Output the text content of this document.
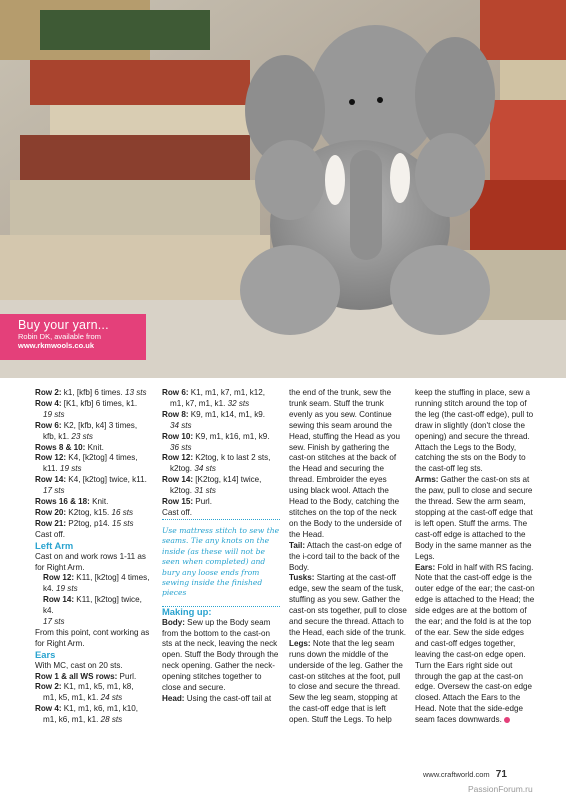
Buy your yarn...
Robin DK, available from
www.rkmwools.co.uk

Row 2: k1, [kfb] 6 times. 13 sts

Row 4: [K1, kfb] 6 times, k1.

19 sts

Row 6: K2, [kfb, k4] 3 times,

kfb, k1. 23 sts

Rows 8 & 10: Knit.

Row 12: K4, [k2tog] 4 times,

k11. 19 sts

Row 14: K4, [k2tog] twice, k11.

17 sts

Rows 16 & 18: Knit.

Row 20: K2tog, k15. 16 sts

Row 21: P2tog, p14. 15 sts

Cast off.

Left Arm

Cast on and work rows 1-11 as for Right Arm.

Row 12: K11, [k2tog] 4 times,

k4. 19 sts

Row 14: K11, [k2tog] twice, k4.

17 sts

From this point, cont working as for Right Arm.

Ears

With MC, cast on 20 sts.

Row 1 & all WS rows: Purl.

Row 2: K1, m1, k5, m1, k8,

m1, k5, m1, k1. 24 sts

Row 4: K1, m1, k6, m1, k10,

m1, k6, m1, k1. 28 sts

Row 6: K1, m1, k7, m1, k12,

m1, k7, m1, k1. 32 sts

Row 8: K9, m1, k14, m1, k9.

34 sts

Row 10: K9, m1, k16, m1, k9.

36 sts

Row 12: K2tog, k to last 2 sts,

k2tog. 34 sts

Row 14: [K2tog, k14] twice,

k2tog. 31 sts

Row 15: Purl.

Cast off.

Use mattress stitch to sew the seams. Tie any knots on the inside (as these will not be seen when completed) and bury any loose ends from sewing inside the finished pieces

Making up:

Body: Sew up the Body seam from the bottom to the cast-on sts at the neck, leaving the neck open. Stuff the Body through the neck opening. Gather the neck-opening stitches together to close and secure.

Head: Using the cast-off tail at

the end of the trunk, sew the trunk seam. Stuff the trunk evenly as you sew. Continue sewing this seam around the Head, stuffing the Head as you sew. Finish by gathering the cast-on stitches at the back of the Head and securing the thread. Embroider the eyes using black wool. Attach the Head to the Body, catching the stitches on the top of the neck on the Body to the underside of the Head.

Tail: Attach the cast-on edge of the i-cord tail to the back of the Body.

Tusks: Starting at the cast-off edge, sew the seam of the tusk, stuffing as you sew. Gather the cast-on sts together, pull to close and secure the thread. Attach to the Head, each side of the trunk.

Legs: Note that the leg seam runs down the middle of the underside of the leg. Gather the cast-on stitches at the foot, pull to close and secure the thread. Sew the leg seam, stopping at the cast-off edge that is left open. Stuff the Legs. To help

keep the stuffing in place, sew a running stitch around the top of the leg (the cast-off edge), pull to draw in slightly (don't close the opening) and secure the thread. Attach the Legs to the Body, catching the sts on the Body to the cast-off leg sts.

Arms: Gather the cast-on sts at the paw, pull to close and secure the thread. Sew the arm seam, stopping at the cast-off edge that is left open. Stuff the arms. The cast-off edge is attached to the Body in the same manner as the Legs.

Ears: Fold in half with RS facing. Note that the cast-off edge is the outer edge of the ear; the cast-on edge is attached to the Head; the side edges are at the bottom of the ear; and the fold is at the top of the ear. Sew the side edges and cast-off edges together, leaving the cast-on edge open. Turn the Ears right side out through the gap at the cast-on edge. Oversew the cast-on edge closed. Attach the Ears to the Head. Note that the side-edge seam faces downwards.

www.craftworld.com 71
PassionForum.ru
